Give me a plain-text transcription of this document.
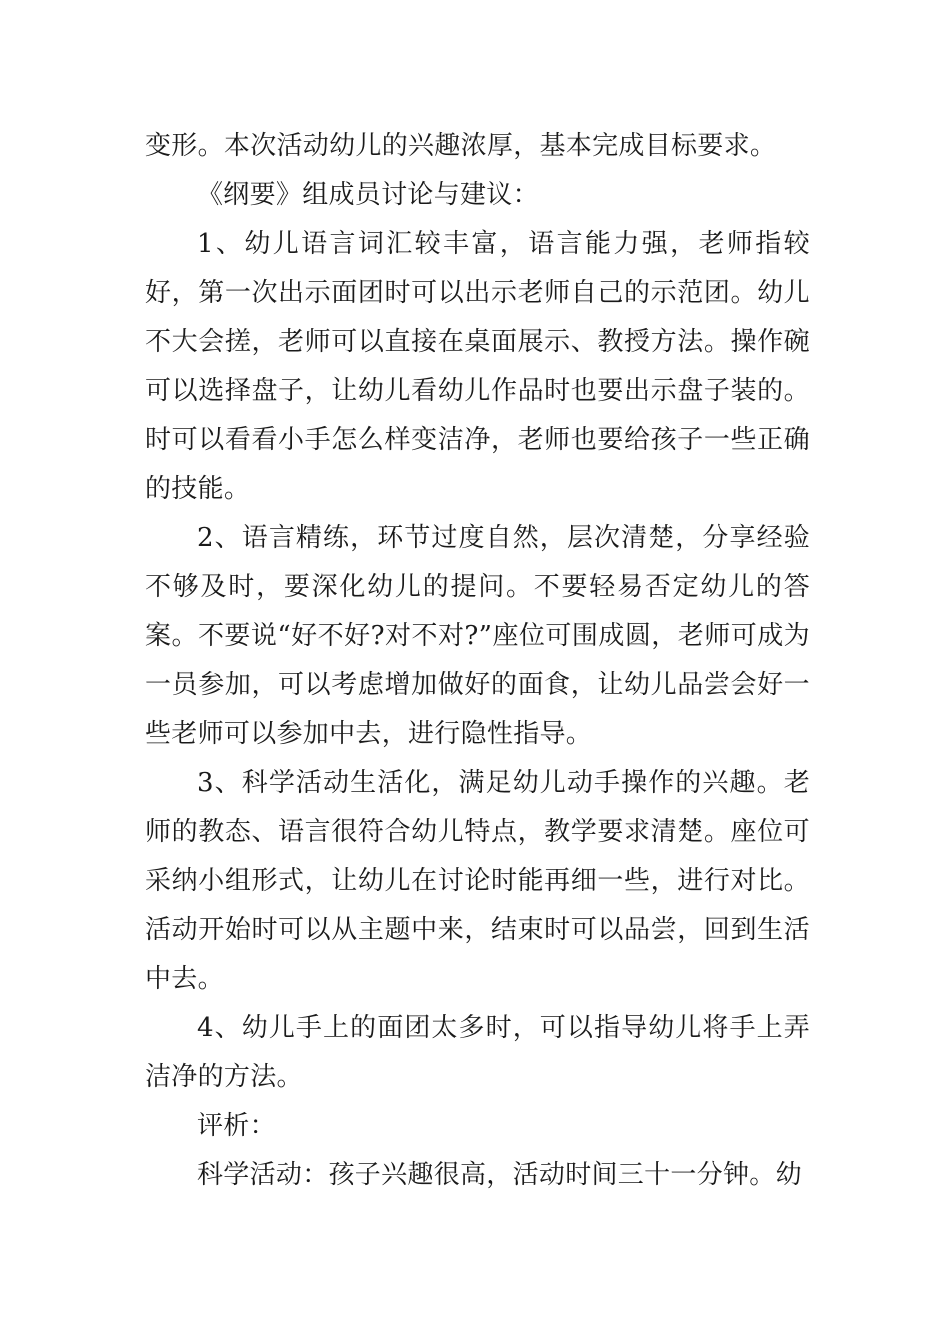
变形。本次活动幼儿的兴趣浓厚，基本完成目标要求。

《纲要》组成员讨论与建议：

1、幼儿语言词汇较丰富，语言能力强，老师指较好，第一次出示面团时可以出示老师自己的示范团。幼儿不大会搓，老师可以直接在桌面展示、教授方法。操作碗可以选择盘子，让幼儿看幼儿作品时也要出示盘子装的。时可以看看小手怎么样变洁净，老师也要给孩子一些正确的技能。

2、语言精练，环节过度自然，层次清楚，分享经验不够及时，要深化幼儿的提问。不要轻易否定幼儿的答案。不要说“好不好?对不对?”座位可围成圆，老师可成为一员参加，可以考虑增加做好的面食，让幼儿品尝会好一些老师可以参加中去，进行隐性指导。

3、科学活动生活化，满足幼儿动手操作的兴趣。老师的教态、语言很符合幼儿特点，教学要求清楚。座位可采纳小组形式，让幼儿在讨论时能再细一些，进行对比。活动开始时可以从主题中来，结束时可以品尝，回到生活中去。

4、幼儿手上的面团太多时，可以指导幼儿将手上弄洁净的方法。

评析：

科学活动：孩子兴趣很高，活动时间三十一分钟。幼
